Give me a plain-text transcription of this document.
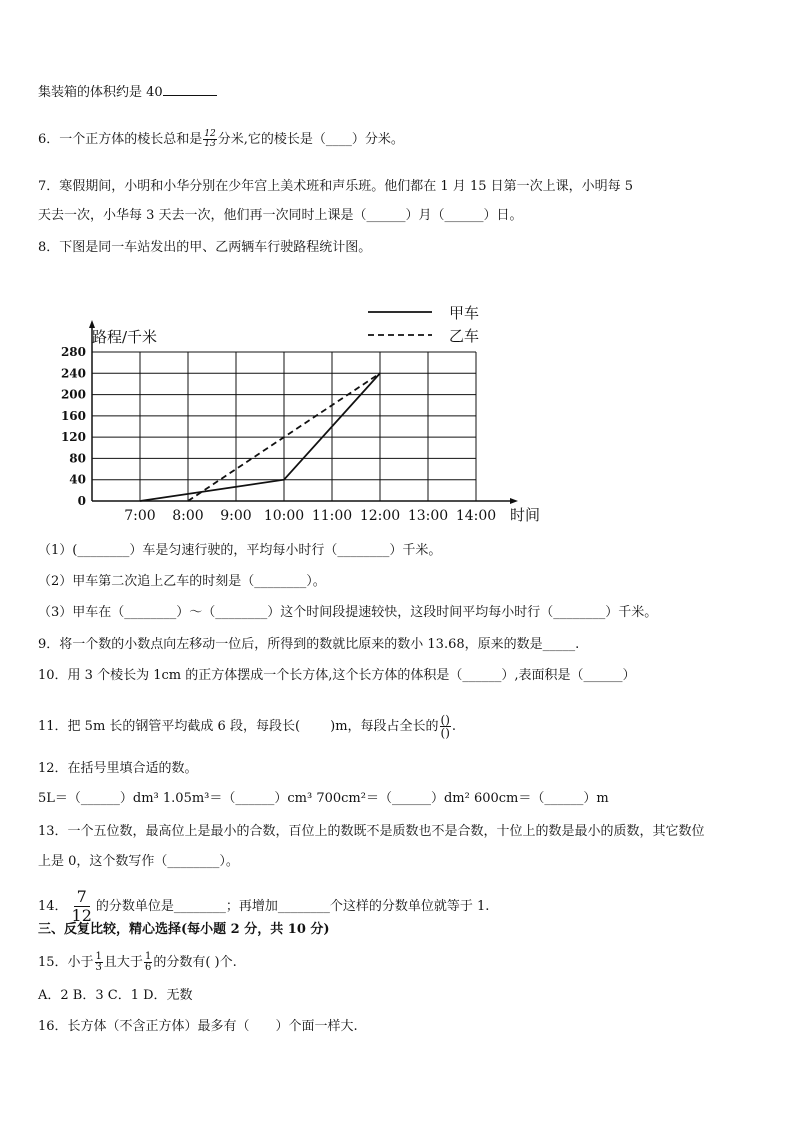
集装箱的体积约是 40
6．一个正方体的棱长总和是 $\frac{12}{13}$ 分米,它的棱长是（____）分米。
7．寒假期间，小明和小华分别在少年宫上美术班和声乐班。他们都在 1 月 15 日第一次上课，小明每 5
天去一次，小华每 3 天去一次，他们再一次同时上课是（______）月（______）日。
8．下图是同一车站发出的甲、乙两辆车行驶路程统计图。
0
40
80
120
160
200
240
280
7:00 8:00 9:00 10:00 11:00 12:00 13:00 14:00
路程/千米
时间
甲车
乙车
（1）(________）车是匀速行驶的，平均每小时行（________）千米。
（2）甲车第二次追上乙车的时刻是（________）。
（3）甲车在（________）～（________）这个时间段提速较快，这段时间平均每小时行（________）千米。
9．将一个数的小数点向左移动一位后，所得到的数就比原来的数小 13.68，原来的数是_____.
10．用 3 个棱长为 1cm 的正方体摆成一个长方体,这个长方体的体积是（______）,表面积是（______）
11．把 5m 长的钢管平均截成 6 段，每段长(　　 )m，每段占全长的 $\frac{()}{()}$ .
12．在括号里填合适的数。
5L＝（______）dm³ 1.05m³＝（______）cm³ 700cm²＝（______）dm² 600cm＝（______）m
13．一个五位数，最高位上是最小的合数，百位上的数既不是质数也不是合数，十位上的数是最小的质数，其它数位
上是 0，这个数写作（________）。
14． $\frac{7}{12}$ 的分数单位是________；再增加________个这样的分数单位就等于 1.
三、反复比较，精心选择(每小题 2 分，共 10 分)
15．小于 $\frac{1}{3}$ 且大于 $\frac{1}{6}$ 的分数有( )个.
A．2 B．3 C．1 D．无数
16．长方体（不含正方体）最多有（　　）个面一样大.
